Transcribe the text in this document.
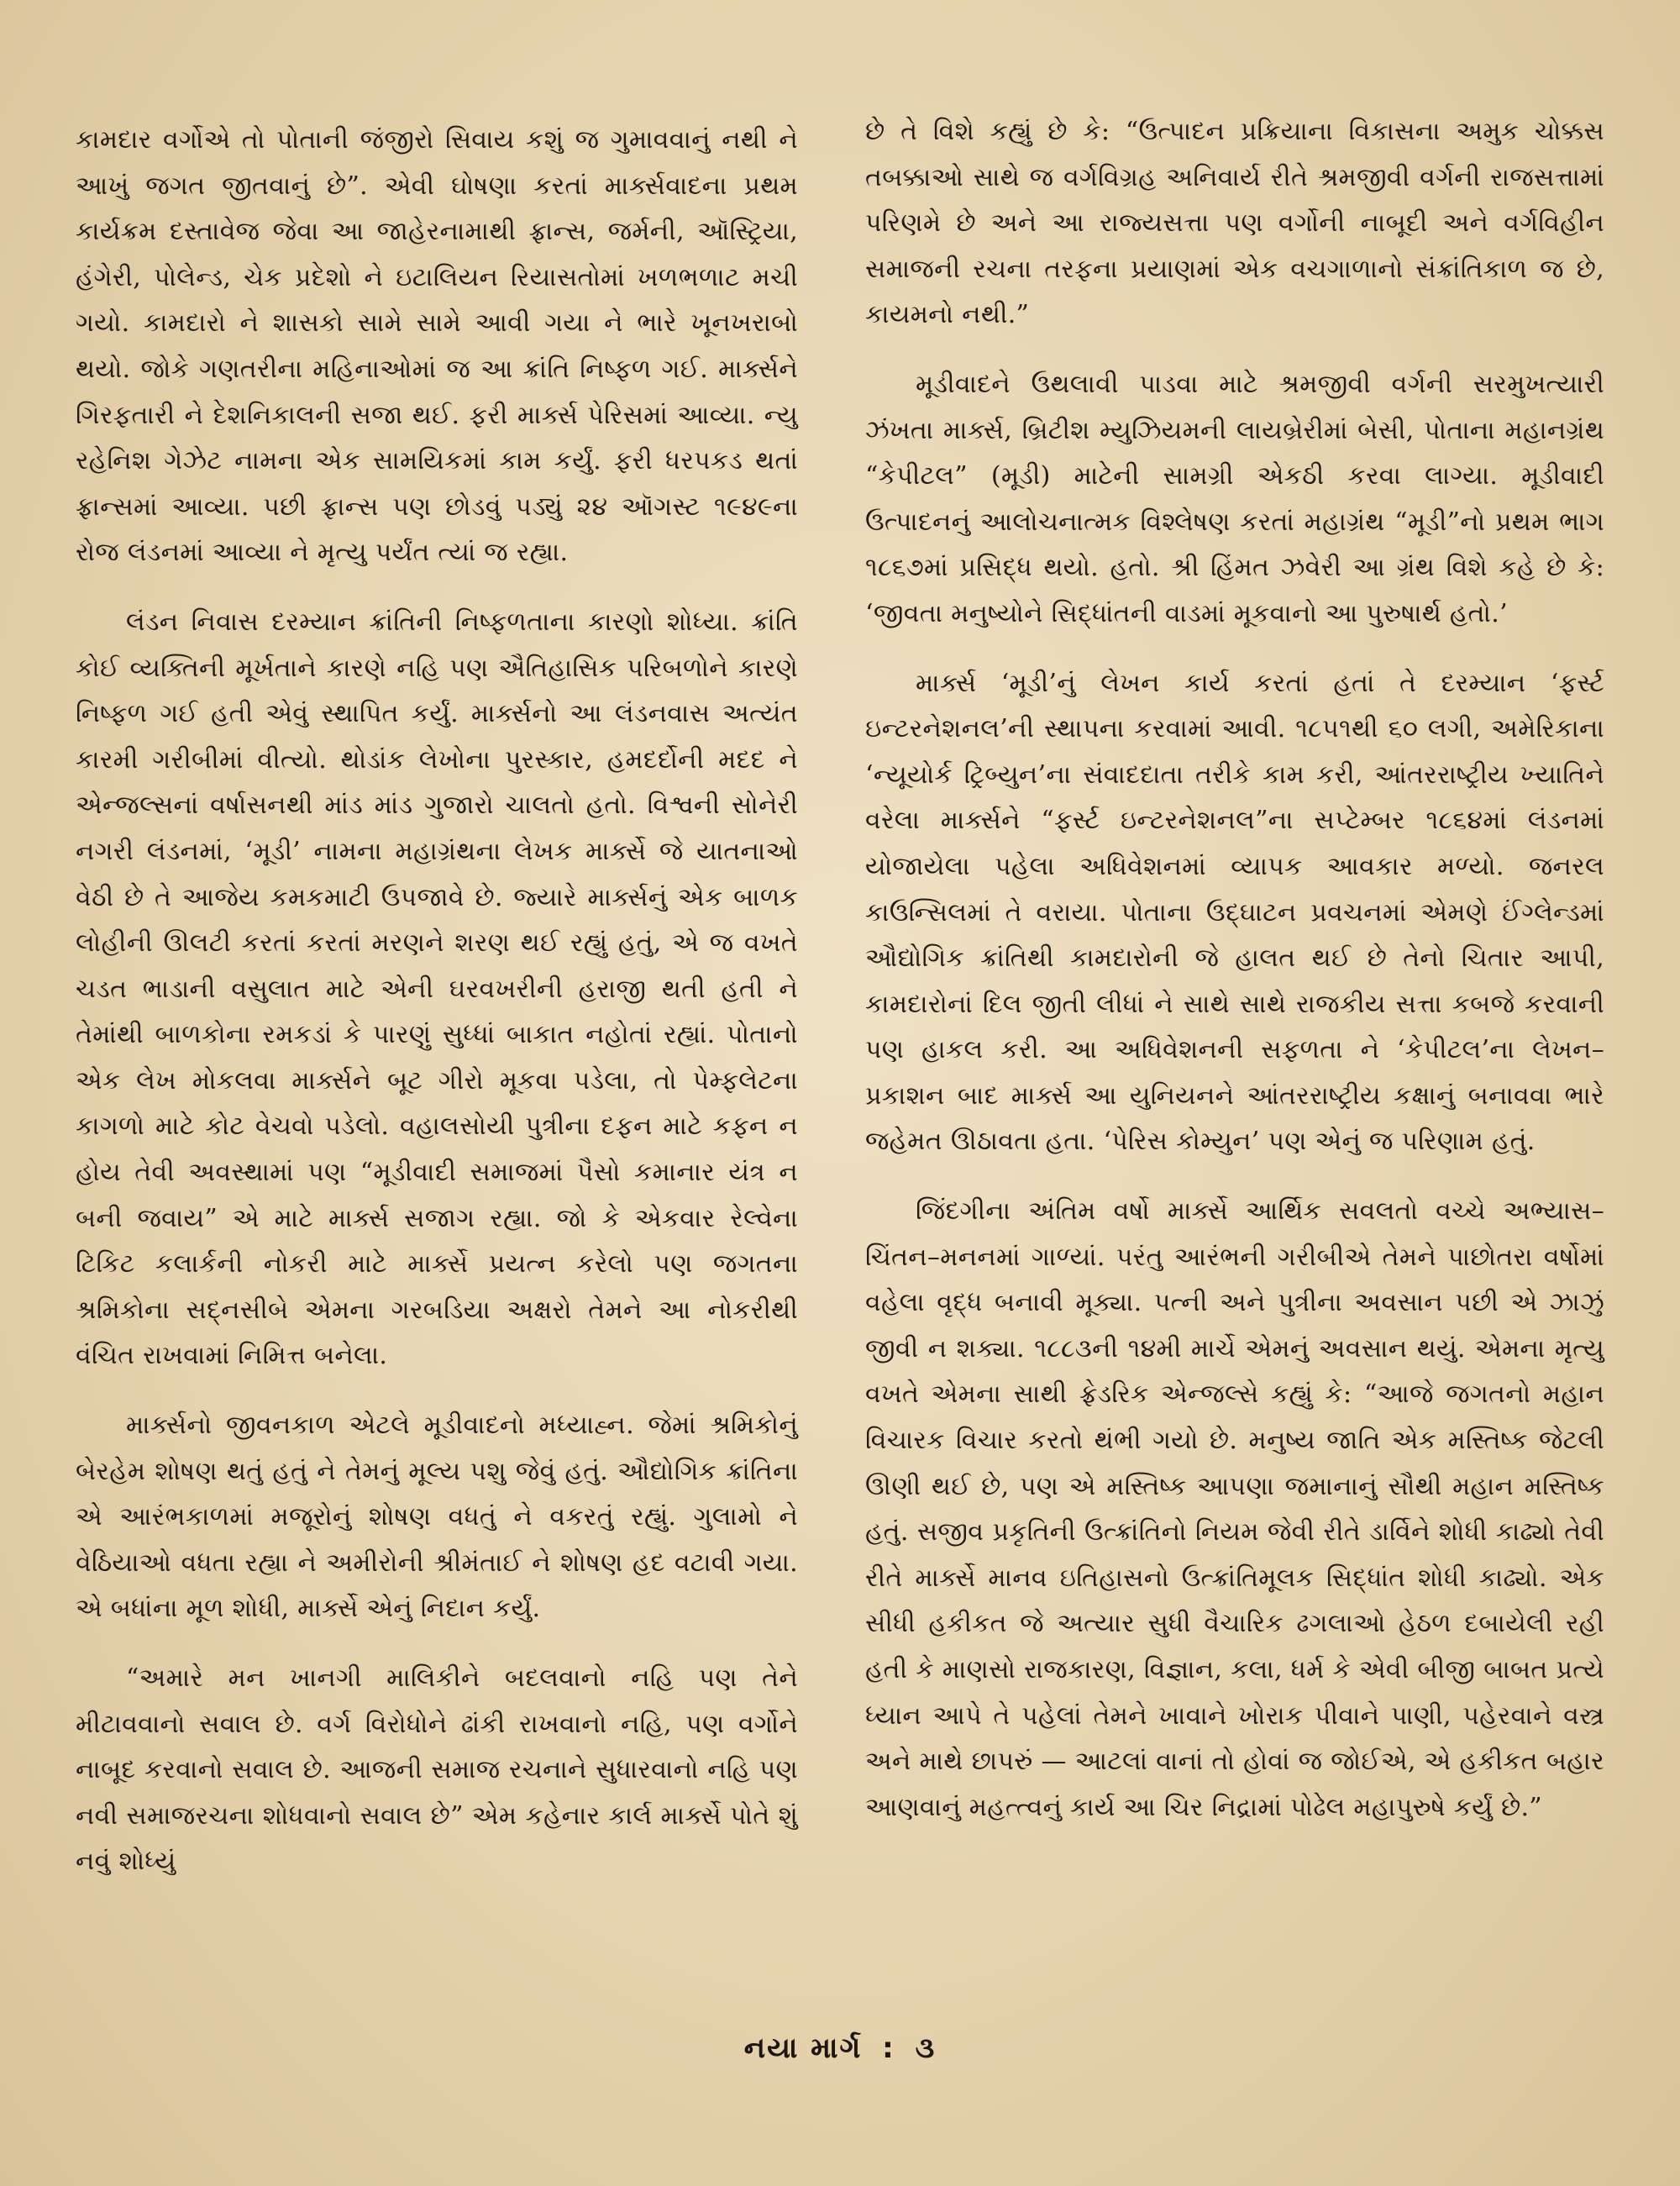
કામદાર વર્ગોએ તો પોતાની જંજીરો સિવાય કશું જ ગુમાવવાનું નથી ને આખું જગત જીતવાનું છે”. એવી ઘોષણા કરતાં માર્ક્સવાદના પ્રથમ કાર્યક્રમ દસ્તાવેજ જેવા આ જાહેરનામાથી ફ્રાન્સ, જર્મની, ઑસ્ટ્રિયા, હંગેરી, પોલેન્ડ, ચેક પ્રદેશો ને ઇટાલિયન રિયાસતોમાં ખળભળાટ મચી ગયો. કામદારો ને શાસકો સામે સામે આવી ગયા ને ભારે ખૂનખરાબો થયો. જોકે ગણતરીના મહિનાઓમાં જ આ ક્રાંતિ નિષ્ફળ ગઈ. માર્ક્સને ગિરફતારી ને દેશનિકાલની સજા થઈ. ફરી માર્ક્સ પેરિસમાં આવ્યા. ન્યુ રહેનિશ ગેઝેટ નામના એક સામયિકમાં કામ કર્યું. ફરી ધરપકડ થતાં ફ્રાન્સમાં આવ્યા. પછી ફ્રાન્સ પણ છોડવું પડ્યું ૨૪ ઑગસ્ટ ૧૯૪૯ના રોજ લંડનમાં આવ્યા ને મૃત્યુ પર્યંત ત્યાં જ રહ્યા.

લંડન નિવાસ દરમ્યાન ક્રાંતિની નિષ્ફળતાના કારણો શોધ્યા. ક્રાંતિ કોઈ વ્યક્તિની મૂર્ખતાને કારણે નહિ પણ ઐતિહાસિક પરિબળોને કારણે નિષ્ફળ ગઈ હતી એવું સ્થાપિત કર્યું. માર્ક્સનો આ લંડનવાસ અત્યંત કારમી ગરીબીમાં વીત્યો. થોડાંક લેખોના પુરસ્કાર, હમદર્દોની મદદ ને એન્જલ્સનાં વર્ષાસનથી માંડ માંડ ગુજારો ચાલતો હતો. વિશ્વની સોનેરી નગરી લંડનમાં, ‘મૂડી’ નામના મહાગ્રંથના લેખક માર્ક્સે જે યાતનાઓ વેઠી છે તે આજેય કમકમાટી ઉપજાવે છે. જ્યારે માર્ક્સનું એક બાળક લોહીની ઊલટી કરતાં કરતાં મરણને શરણ થઈ રહ્યું હતું, એ જ વખતે ચડત ભાડાની વસુલાત માટે એની ઘરવખરીની હરાજી થતી હતી ને તેમાંથી બાળકોના રમકડાં કે પારણું સુધ્ધાં બાકાત નહોતાં રહ્યાં. પોતાનો એક લેખ મોકલવા માર્ક્સને બૂટ ગીરો મૂકવા પડેલા, તો પેમ્ફલેટના કાગળો માટે કોટ વેચવો પડેલો. વહાલસોયી પુત્રીના દફન માટે કફન ન હોય તેવી અવસ્થામાં પણ “મૂડીવાદી સમાજમાં પૈસો કમાનાર યંત્ર ન બની જવાય” એ માટે માર્ક્સ સજાગ રહ્યા. જો કે એકવાર રેલ્વેના ટિકિટ કલાર્કની નોકરી માટે માર્ક્સે પ્રયત્ન કરેલો પણ જગતના શ્રમિકોના સદ્નસીબે એમના ગરબડિયા અક્ષરો તેમને આ નોકરીથી વંચિત રાખવામાં નિમિત્ત બનેલા.

માર્ક્સનો જીવનકાળ એટલે મૂડીવાદનો મધ્યાહ્ન. જેમાં શ્રમિકોનું બેરહેમ શોષણ થતું હતું ને તેમનું મૂલ્ય પશુ જેવું હતું. ઔદ્યોગિક ક્રાંતિના એ આરંભકાળમાં મજૂરોનું શોષણ વધતું ને વકરતું રહ્યું. ગુલામો ને વેઠિયાઓ વધતા રહ્યા ને અમીરોની શ્રીમંતાઈ ને શોષણ હદ વટાવી ગયા. એ બધાંના મૂળ શોધી, માર્ક્સે એનું નિદાન કર્યું.

“અમારે મન ખાનગી માલિકીને બદલવાનો નહિ પણ તેને મીટાવવાનો સવાલ છે. વર્ગ વિરોધોને ઢાંકી રાખવાનો નહિ, પણ વર્ગોને નાબૂદ કરવાનો સવાલ છે. આજની સમાજ રચનાને સુધારવાનો નહિ પણ નવી સમાજરચના શોધવાનો સવાલ છે” એમ કહેનાર કાર્લ માર્ક્સે પોતે શું નવું શોધ્યું

છે તે વિશે કહ્યું છે કે: “ઉત્પાદન પ્રક્રિયાના વિકાસના અમુક ચોક્કસ તબક્કાઓ સાથે જ વર્ગવિગ્રહ અનિવાર્ય રીતે શ્રમજીવી વર્ગની રાજસત્તામાં પરિણમે છે અને આ રાજ્યસત્તા પણ વર્ગોની નાબૂદી અને વર્ગવિહીન સમાજની રચના તરફના પ્રયાણમાં એક વચગાળાનો સંક્રાંતિકાળ જ છે, કાયમનો નથી.”

મૂડીવાદને ઉથલાવી પાડવા માટે શ્રમજીવી વર્ગની સરમુખત્યારી ઝંખતા માર્ક્સ, બ્રિટીશ મ્યુઝિયમની લાયબ્રેરીમાં બેસી, પોતાના મહાનગ્રંથ “કેપીટલ” (મૂડી) માટેની સામગ્રી એકઠી કરવા લાગ્યા. મૂડીવાદી ઉત્પાદનનું આલોચનાત્મક વિશ્લેષણ કરતાં મહાગ્રંથ “મૂડી”નો પ્રથમ ભાગ ૧૮૬૭માં પ્રસિદ્ધ થયો. હતો. શ્રી હિંમત ઝવેરી આ ગ્રંથ વિશે કહે છે કે: ‘જીવતા મનુષ્યોને સિદ્ધાંતની વાડમાં મૂકવાનો આ પુરુષાર્થ હતો.’

માર્ક્સ ‘મૂડી’નું લેખન કાર્ય કરતાં હતાં તે દરમ્યાન ‘ફર્સ્ટ ઇન્ટરનેશનલ’ની સ્થાપના કરવામાં આવી. ૧૮૫૧થી ૬૦ લગી, અમેરિકાના ‘ન્યૂયોર્ક ટ્રિબ્યુન’ના સંવાદદાતા તરીકે કામ કરી, આંતરરાષ્ટ્રીય ખ્યાતિને વરેલા માર્ક્સને “ફર્સ્ટ ઇન્ટરનેશનલ”ના સપ્ટેમ્બર ૧૮૬૪માં લંડનમાં યોજાયેલા પહેલા અધિવેશનમાં વ્યાપક આવકાર મળ્યો. જનરલ કાઉન્સિલમાં તે વરાયા. પોતાના ઉદ્‌ઘાટન પ્રવચનમાં એમણે ઈંગ્લેન્ડમાં ઔદ્યોગિક ક્રાંતિથી કામદારોની જે હાલત થઈ છે તેનો ચિતાર આપી, કામદારોનાં દિલ જીતી લીધાં ને સાથે સાથે રાજકીય સત્તા કબજે કરવાની પણ હાકલ કરી. આ અધિવેશનની સફળતા ને ‘કેપીટલ’ના લેખન–પ્રકાશન બાદ માર્ક્સ આ યુનિયનને આંતરરાષ્ટ્રીય કક્ષાનું બનાવવા ભારે જહેમત ઊઠાવતા હતા. ‘પેરિસ કોમ્યુન’ પણ એનું જ પરિણામ હતું.

જિંદગીના અંતિમ વર્ષો માર્ક્સે આર્થિક સવલતો વચ્ચે અભ્યાસ–ચિંતન–મનનમાં ગાળ્યાં. પરંતુ આરંભની ગરીબીએ તેમને પાછોતરા વર્ષોમાં વહેલા વૃદ્ધ બનાવી મૂક્યા. પત્ની અને પુત્રીના અવસાન પછી એ ઝાઝું જીવી ન શક્યા. ૧૮૮૩ની ૧૪મી માર્ચે એમનું અવસાન થયું. એમના મૃત્યુ વખતે એમના સાથી ફ્રેડરિક એન્જલ્સે કહ્યું કે: “આજે જગતનો મહાન વિચારક વિચાર કરતો થંભી ગયો છે. મનુષ્ય જાતિ એક મસ્તિષ્ક જેટલી ઊણી થઈ છે, પણ એ મસ્તિષ્ક આપણા જમાનાનું સૌથી મહાન મસ્તિષ્ક હતું. સજીવ પ્રકૃતિની ઉત્ક્રાંતિનો નિયમ જેવી રીતે ડાર્વિને શોધી કાઢ્યો તેવી રીતે માર્ક્સે માનવ ઇતિહાસનો ઉત્ક્રાંતિમૂલક સિદ્ધાંત શોધી કાઢ્યો. એક સીધી હકીકત જે અત્યાર સુધી વૈચારિક ઢગલાઓ હેઠળ દબાયેલી રહી હતી કે માણસો રાજકારણ, વિજ્ઞાન, કલા, ધર્મ કે એવી બીજી બાબત પ્રત્યે ધ્યાન આપે તે પહેલાં તેમને ખાવાને ખોરાક પીવાને પાણી, પહેરવાને વસ્ત્ર અને માથે છાપરું — આટલાં વાનાં તો હોવાં જ જોઈએ, એ હકીકત બહાર આણવાનું મહત્ત્વનું કાર્ય આ ચિર નિદ્રામાં પોઢેલ મહાપુરુષે કર્યું છે.”

નયા માર્ગ : ૩
